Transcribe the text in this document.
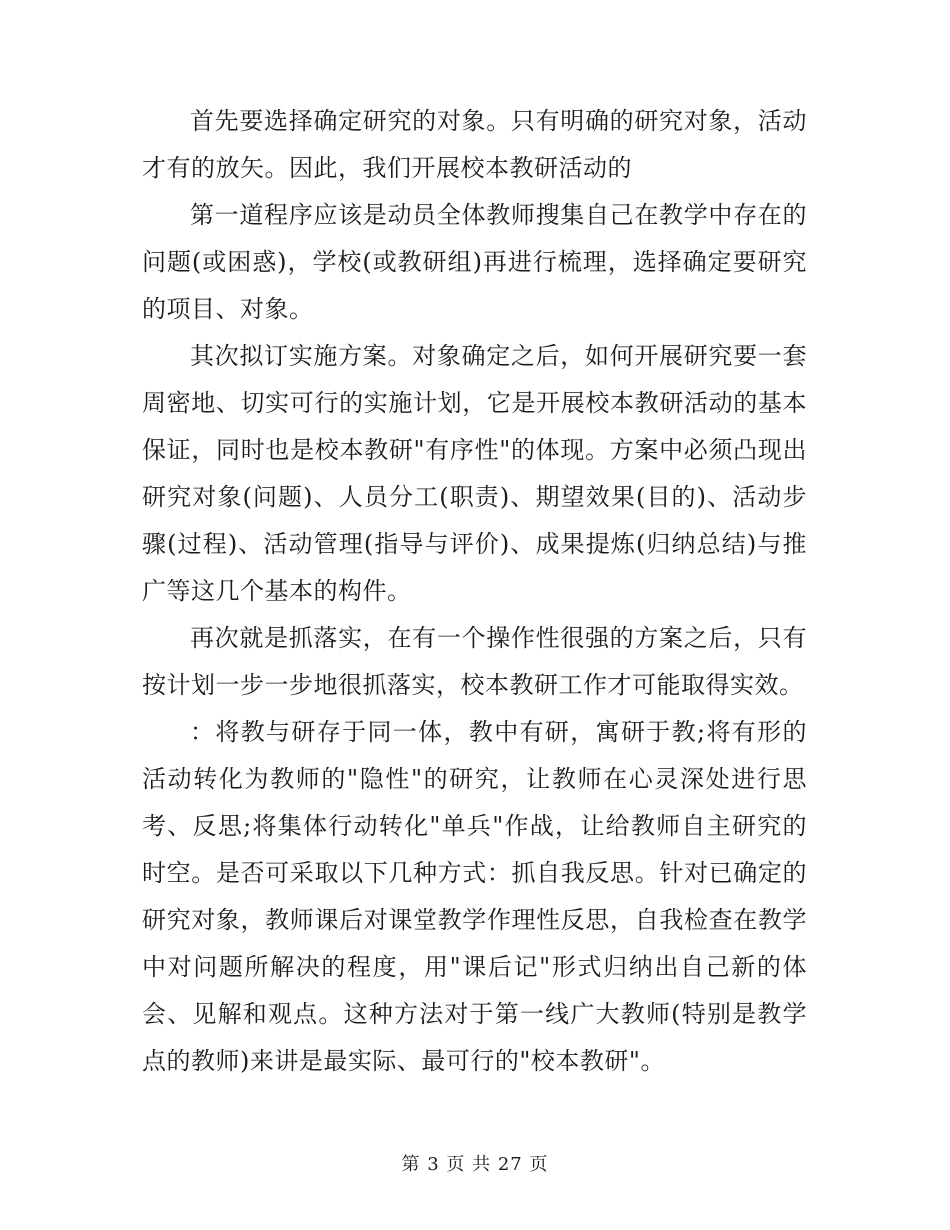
首先要选择确定研究的对象。只有明确的研究对象，活动才有的放矢。因此，我们开展校本教研活动的

第一道程序应该是动员全体教师搜集自己在教学中存在的问题(或困惑)，学校(或教研组)再进行梳理，选择确定要研究的项目、对象。

其次拟订实施方案。对象确定之后，如何开展研究要一套周密地、切实可行的实施计划，它是开展校本教研活动的基本保证，同时也是校本教研"有序性"的体现。方案中必须凸现出研究对象(问题)、人员分工(职责)、期望效果(目的)、活动步骤(过程)、活动管理(指导与评价)、成果提炼(归纳总结)与推广等这几个基本的构件。

再次就是抓落实，在有一个操作性很强的方案之后，只有按计划一步一步地很抓落实，校本教研工作才可能取得实效。

：将教与研存于同一体，教中有研，寓研于教;将有形的活动转化为教师的"隐性"的研究，让教师在心灵深处进行思考、反思;将集体行动转化"单兵"作战，让给教师自主研究的时空。是否可采取以下几种方式：抓自我反思。针对已确定的研究对象，教师课后对课堂教学作理性反思，自我检查在教学中对问题所解决的程度，用"课后记"形式归纳出自己新的体会、见解和观点。这种方法对于第一线广大教师(特别是教学点的教师)来讲是最实际、最可行的"校本教研"。

第 3 页 共 27 页
